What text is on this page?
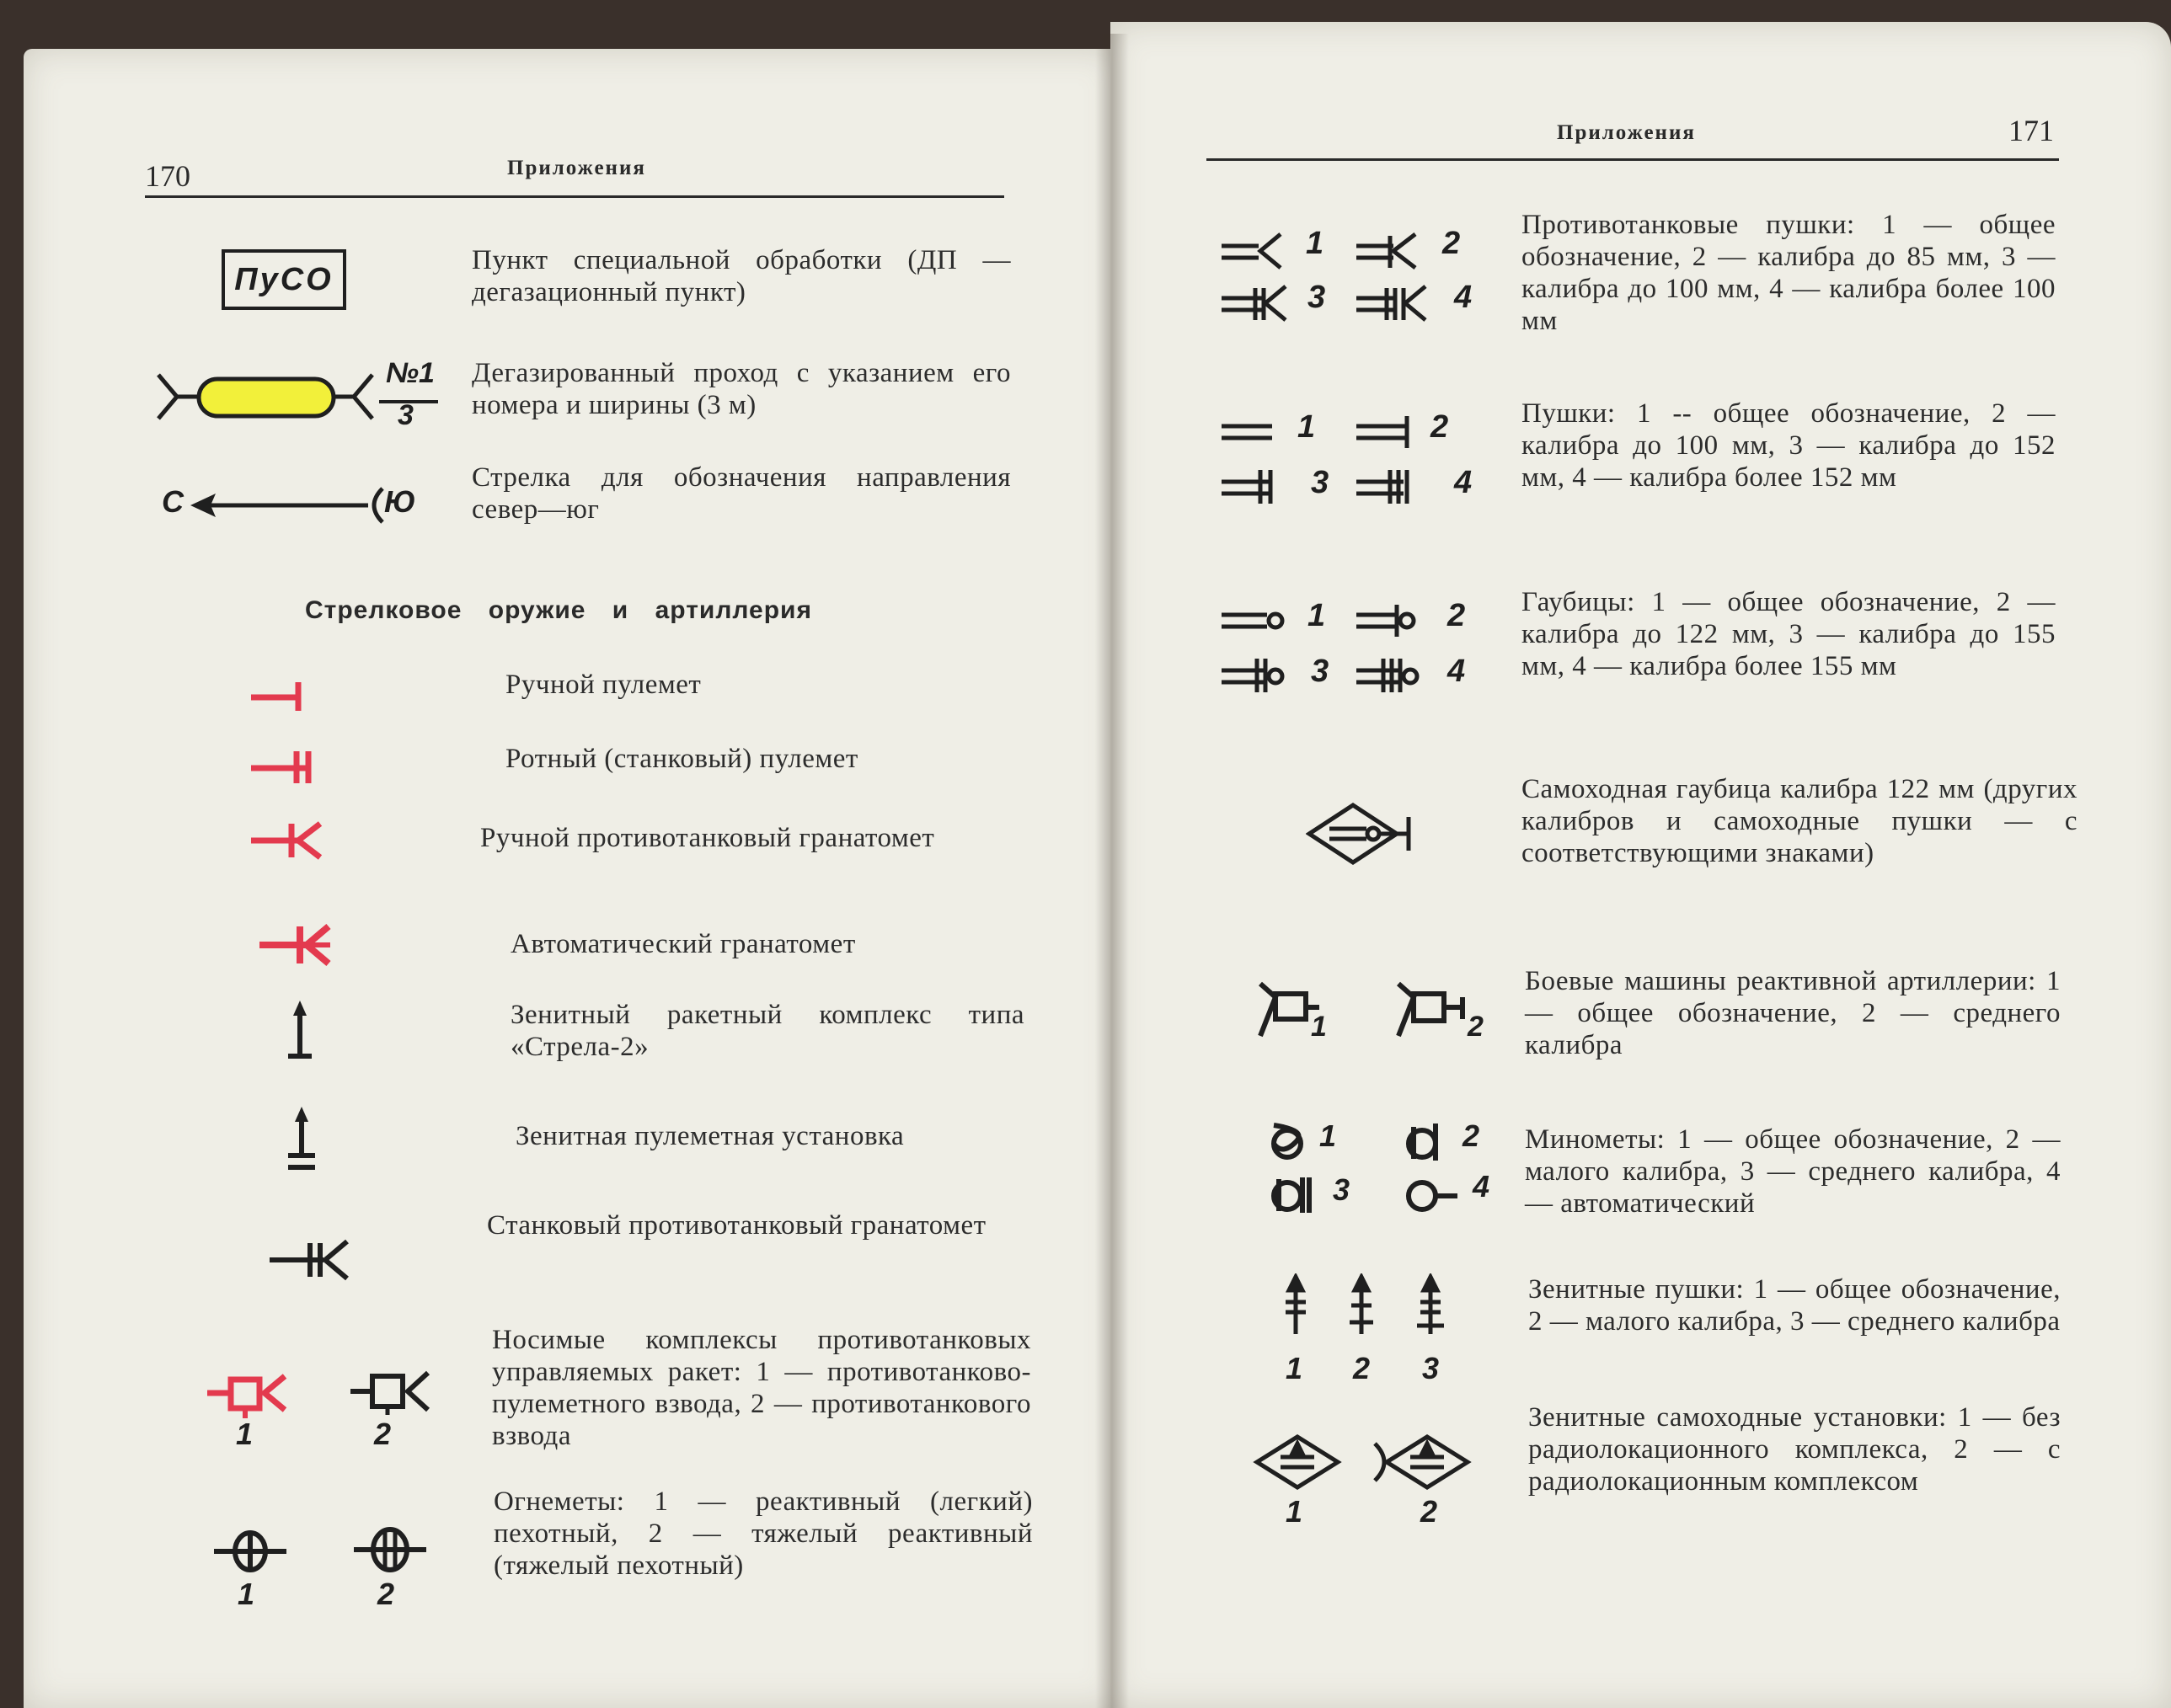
170	Приложения
ПуСО
Пункт специальной обработки (ДП — дегазационный пункт)
№1
3
Дегазированный проход с указанием его номера и ширины (3 м)
С	Ю
Стрелка для обозначения направления север—юг
Стрелковое оружие и артиллерия
Ручной пулемет
Ротный (станковый) пулемет
Ручной противотанковый гранатомет
Автоматический гранатомет
Зенитный ракетный комплекс типа «Стрела-2»
Зенитная пулеметная установка
Станковый противотанковый гранатомет
1	2
Носимые комплексы противотанковых управляемых ракет: 1 — противотанково-пулеметного взвода, 2 — противотанкового взвода
1	2
Огнеметы: 1 — реактивный (легкий) пехотный, 2 — тяжелый реактивный (тяжелый пехотный)
Приложения	171
1	2
3	4
Противотанковые пушки: 1 — общее обозначение, 2 — калибра до 85 мм, 3 — калибра до 100 мм, 4 — калибра более 100 мм
1	2
3	4
Пушки: 1 -- общее обозначение, 2 — калибра до 100 мм, 3 — калибра до 152 мм, 4 — калибра более 152 мм
1	2
3	4
Гаубицы: 1 — общее обозначение, 2 — калибра до 122 мм, 3 — калибра до 155 мм, 4 — калибра более 155 мм
Самоходная гаубица калибра 122 мм (других калибров и самоходные пушки — с соответствующими знаками)
1	2
Боевые машины реактивной артиллерии: 1 — общее обозначение, 2 — среднего калибра
1	2
3	4
Минометы: 1 — общее обозначение, 2 — малого калибра, 3 — среднего калибра, 4 — автоматический
1 2 3
Зенитные пушки: 1 — общее обозначение, 2 — малого калибра, 3 — среднего калибра
1	2
Зенитные самоходные установки: 1 — без радиолокационного комплекса, 2 — с радиолокационным комплексом
